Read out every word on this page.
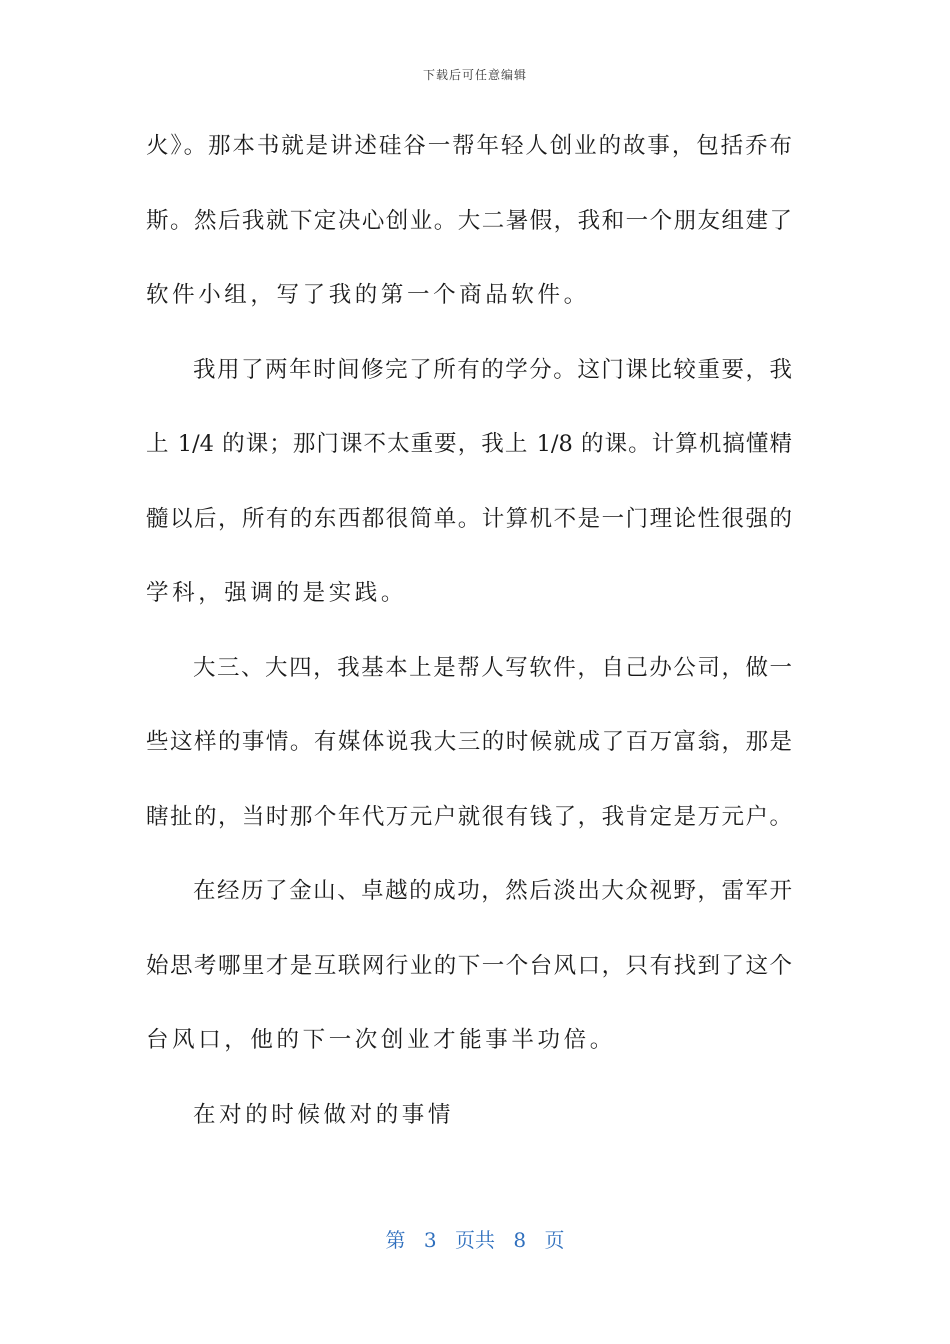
下载后可任意编辑
火》。那本书就是讲述硅谷一帮年轻人创业的故事，包括乔布
斯。然后我就下定决心创业。大二暑假，我和一个朋友组建了
软件小组，写了我的第一个商品软件。
我用了两年时间修完了所有的学分。这门课比较重要，我
上 1/4 的课；那门课不太重要，我上 1/8 的课。计算机搞懂精
髓以后，所有的东西都很简单。计算机不是一门理论性很强的
学科，强调的是实践。
大三、大四，我基本上是帮人写软件，自己办公司，做一
些这样的事情。有媒体说我大三的时候就成了百万富翁，那是
瞎扯的，当时那个年代万元户就很有钱了，我肯定是万元户。
在经历了金山、卓越的成功，然后淡出大众视野，雷军开
始思考哪里才是互联网行业的下一个台风口，只有找到了这个
台风口，他的下一次创业才能事半功倍。
在对的时候做对的事情
第 3 页共 8 页
